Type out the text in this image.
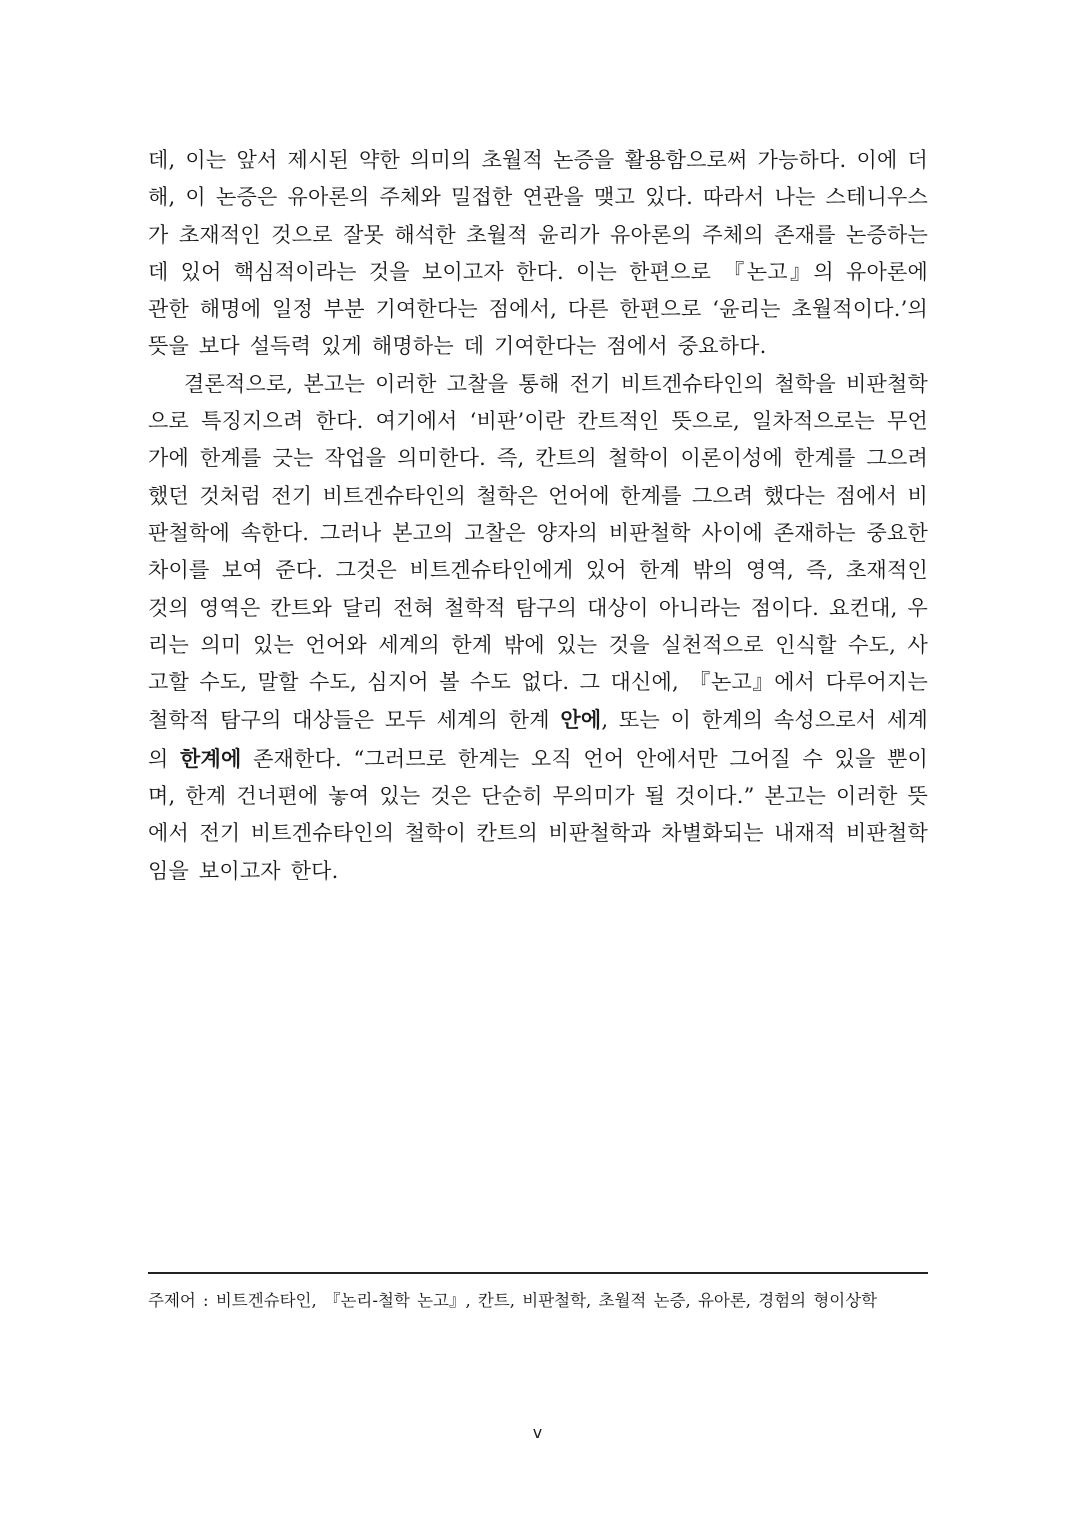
데, 이는 앞서 제시된 약한 의미의 초월적 논증을 활용함으로써 가능하다. 이에 더해, 이 논증은 유아론의 주체와 밀접한 연관을 맺고 있다. 따라서 나는 스테니우스가 초재적인 것으로 잘못 해석한 초월적 윤리가 유아론의 주체의 존재를 논증하는 데 있어 핵심적이라는 것을 보이고자 한다. 이는 한편으로 『논고』의 유아론에 관한 해명에 일정 부분 기여한다는 점에서, 다른 한편으로 ‘윤리는 초월적이다.’의 뜻을 보다 설득력 있게 해명하는 데 기여한다는 점에서 중요하다.

결론적으로, 본고는 이러한 고찰을 통해 전기 비트겐슈타인의 철학을 비판철학으로 특징지으려 한다. 여기에서 ‘비판’이란 칸트적인 뜻으로, 일차적으로는 무언가에 한계를 긋는 작업을 의미한다. 즉, 칸트의 철학이 이론이성에 한계를 그으려 했던 것처럼 전기 비트겐슈타인의 철학은 언어에 한계를 그으려 했다는 점에서 비판철학에 속한다. 그러나 본고의 고찰은 양자의 비판철학 사이에 존재하는 중요한 차이를 보여 준다. 그것은 비트겐슈타인에게 있어 한계 밖의 영역, 즉, 초재적인 것의 영역은 칸트와 달리 전혀 철학적 탐구의 대상이 아니라는 점이다. 요컨대, 우리는 의미 있는 언어와 세계의 한계 밖에 있는 것을 실천적으로 인식할 수도, 사고할 수도, 말할 수도, 심지어 볼 수도 없다. 그 대신에, 『논고』에서 다루어지는 철학적 탐구의 대상들은 모두 세계의 한계 안에, 또는 이 한계의 속성으로서 세계의 한계에 존재한다. “그러므로 한계는 오직 언어 안에서만 그어질 수 있을 뿐이며, 한계 건너편에 놓여 있는 것은 단순히 무의미가 될 것이다.” 본고는 이러한 뜻에서 전기 비트겐슈타인의 철학이 칸트의 비판철학과 차별화되는 내재적 비판철학임을 보이고자 한다.

주제어 : 비트겐슈타인, 『논리-철학 논고』, 칸트, 비판철학, 초월적 논증, 유아론, 경험의 형이상학
v
